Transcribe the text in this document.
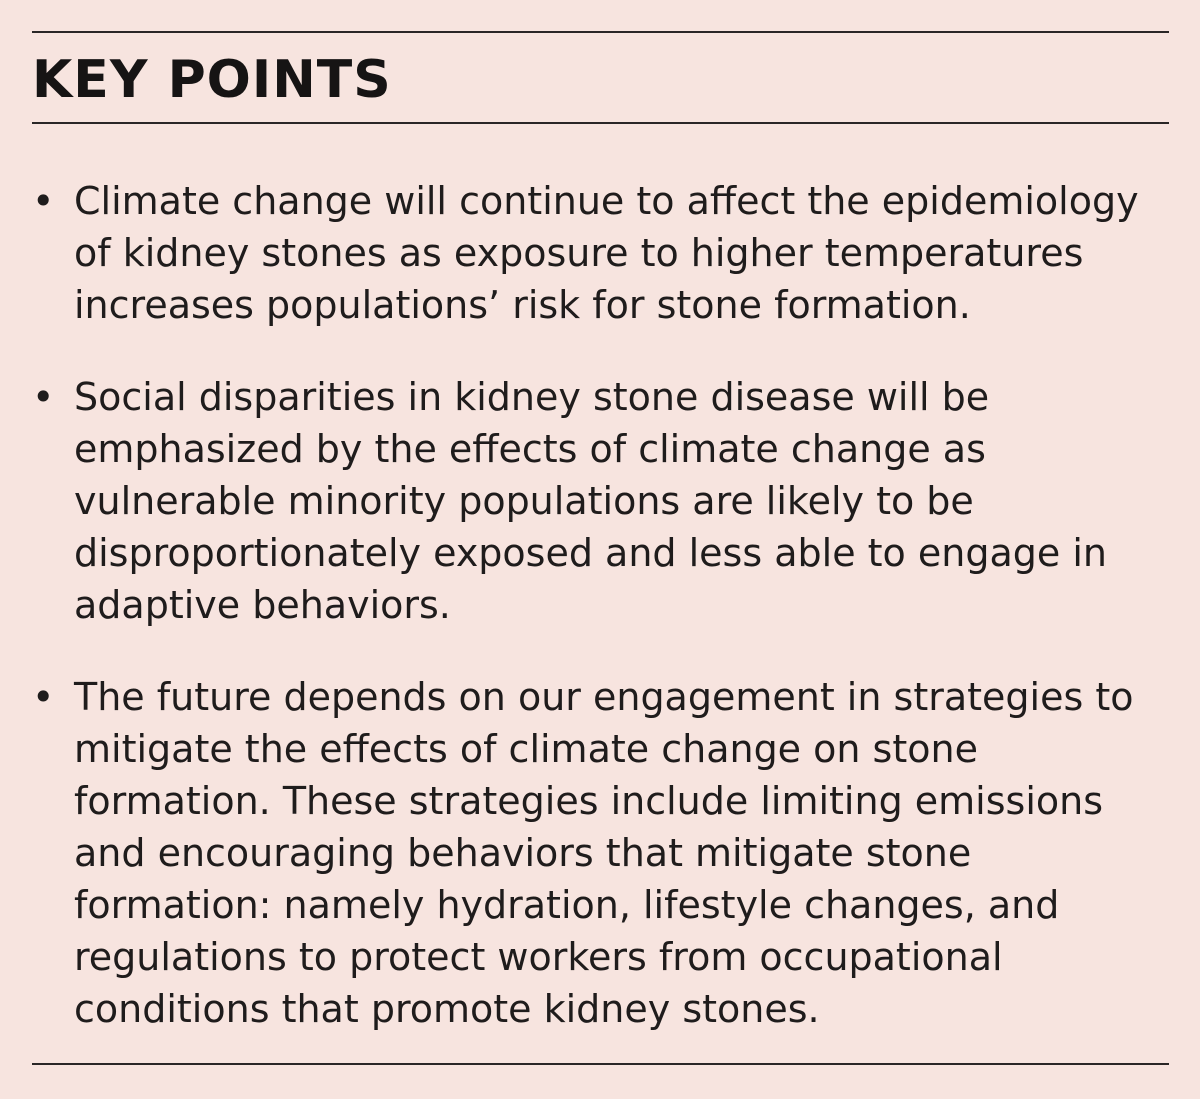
KEY POINTS
• Climate change will continue to affect the epidemiology
of kidney stones as exposure to higher temperatures
increases populations’ risk for stone formation.
• Social disparities in kidney stone disease will be
emphasized by the effects of climate change as
vulnerable minority populations are likely to be
disproportionately exposed and less able to engage in
adaptive behaviors.
• The future depends on our engagement in strategies to
mitigate the effects of climate change on stone
formation. These strategies include limiting emissions
and encouraging behaviors that mitigate stone
formation: namely hydration, lifestyle changes, and
regulations to protect workers from occupational
conditions that promote kidney stones.
